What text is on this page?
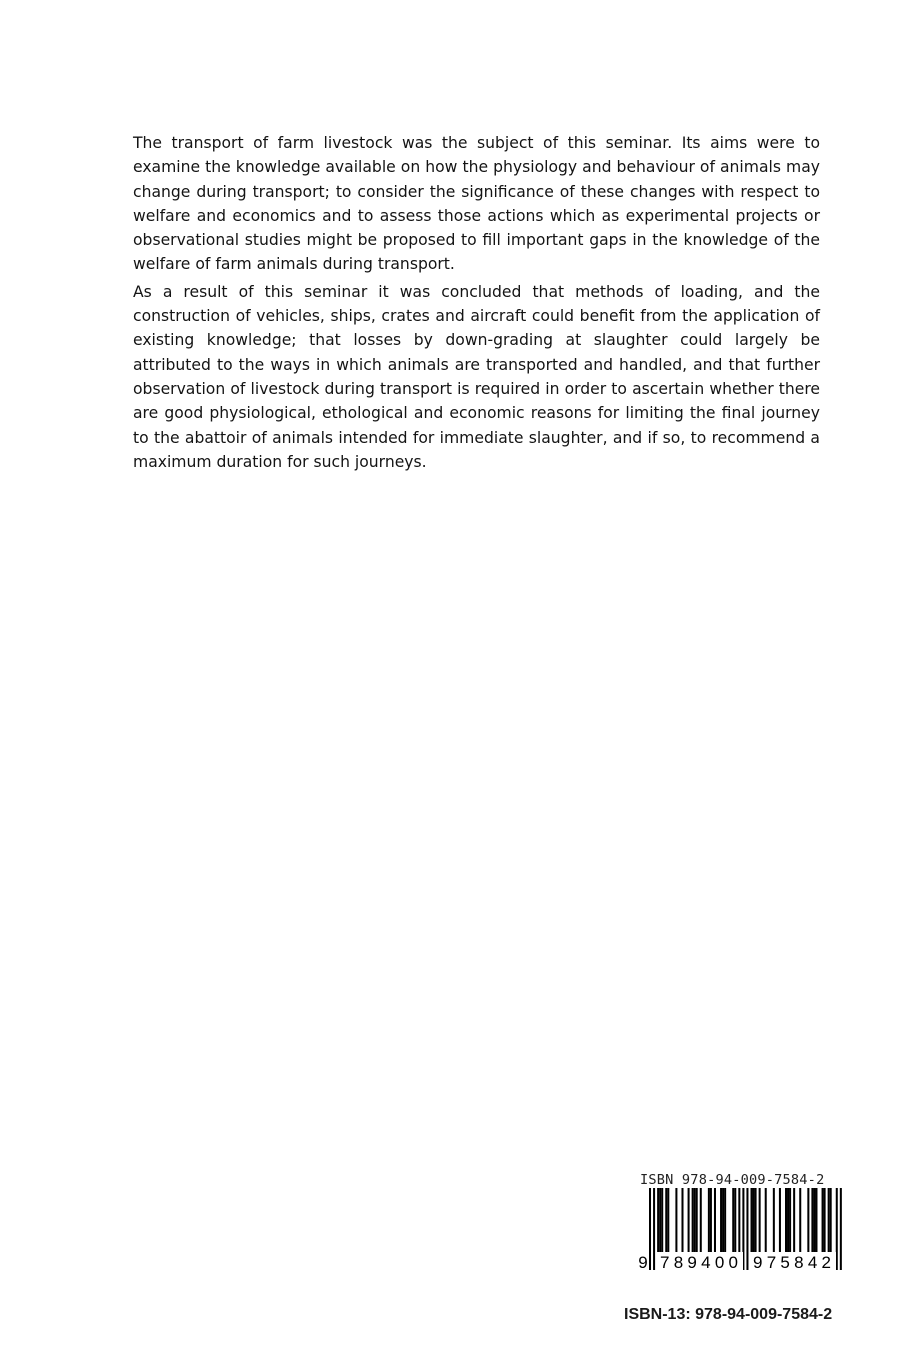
The transport of farm livestock was the subject of this seminar. Its aims were to examine the knowledge available on how the physiology and behaviour of animals may change during transport; to consider the significance of these changes with respect to welfare and economics and to assess those actions which as experimental projects or observational studies might be proposed to fill important gaps in the knowledge of the welfare of farm animals during transport.

As a result of this seminar it was concluded that methods of loading, and the construction of vehicles, ships, crates and aircraft could benefit from the application of existing knowledge; that losses by down-grading at slaughter could largely be attributed to the ways in which animals are transported and handled, and that further observation of livestock during transport is required in order to ascertain whether there are good physiological, ethological and economic reasons for limiting the final journey to the abattoir of animals intended for immediate slaughter, and if so, to recommend a maximum duration for such journeys.

ISBN 978-94-009-7584-2
9 789400 975842
ISBN-13: 978-94-009-7584-2
